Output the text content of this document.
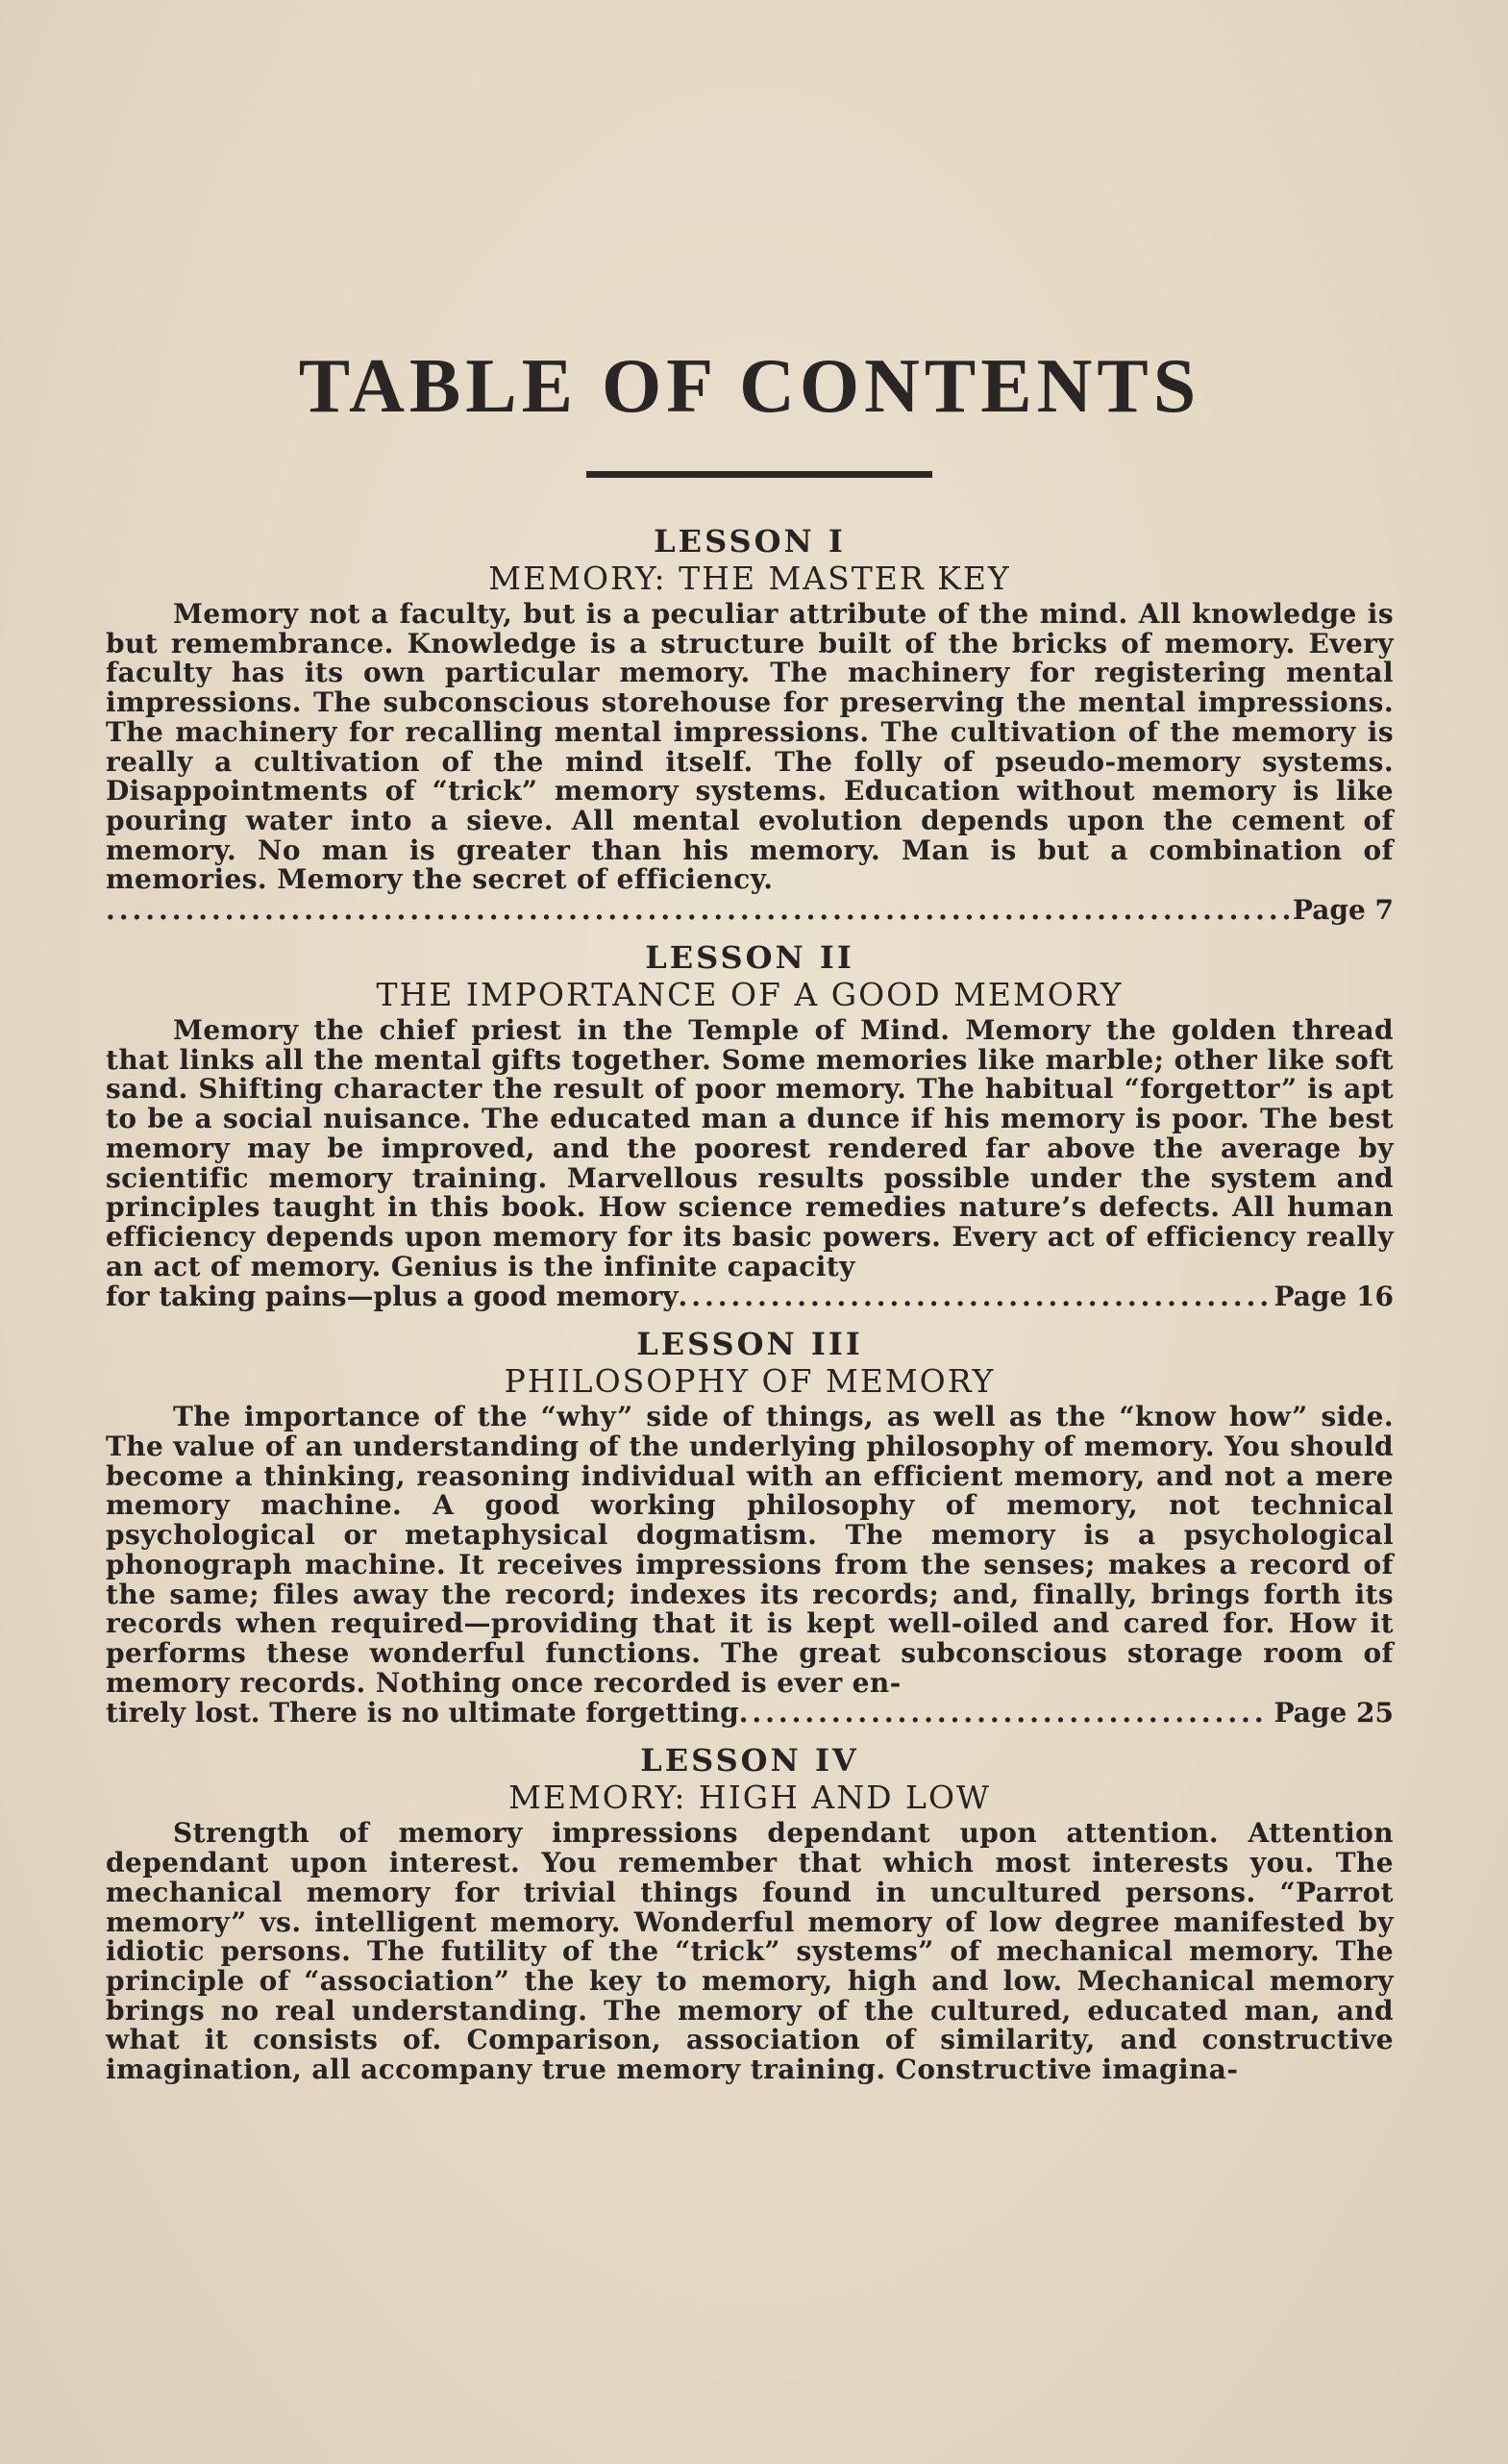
TABLE OF CONTENTS

LESSON I

MEMORY: THE MASTER KEY

Memory not a faculty, but is a peculiar attribute of the mind. All knowledge is but remembrance. Knowledge is a structure built of the bricks of memory. Every faculty has its own particular memory. The machinery for registering mental impressions. The subconscious storehouse for preserving the mental impressions. The machinery for recalling mental impressions. The cultivation of the memory is really a cultivation of the mind itself. The folly of pseudo-memory systems. Disappointments of “trick” memory systems. Education without memory is like pouring water into a sieve. All mental evolution depends upon the cement of memory. No man is greater than his memory. Man is but a combination of memories. Memory the secret of efficiency.

.....
Page 7

LESSON II

THE IMPORTANCE OF A GOOD MEMORY

Memory the chief priest in the Temple of Mind. Memory the golden thread that links all the mental gifts together. Some memories like marble; other like soft sand. Shifting character the result of poor memory. The habitual “forgettor” is apt to be a social nuisance. The educated man a dunce if his memory is poor. The best memory may be improved, and the poorest rendered far above the average by scientific memory training. Marvellous results possible under the system and principles taught in this book. How science remedies nature’s defects. All human efficiency depends upon memory for its basic powers. Every act of efficiency really an act of memory. Genius is the infinite capacity

for taking pains—plus a good memory .....	Page 16

LESSON III

PHILOSOPHY OF MEMORY

The importance of the “why” side of things, as well as the “know how” side. The value of an understanding of the underlying philosophy of memory. You should become a thinking, reasoning individual with an efficient memory, and not a mere memory machine. A good working philosophy of memory, not technical psychological or metaphysical dogmatism. The memory is a psychological phonograph machine. It receives impressions from the senses; makes a record of the same; files away the record; indexes its records; and, finally, brings forth its records when required—providing that it is kept well-oiled and cared for. How it performs these wonderful functions. The great subconscious storage room of memory records. Nothing once recorded is ever en-

tirely lost. There is no ultimate forgetting .....	Page 25

LESSON IV

MEMORY: HIGH AND LOW

Strength of memory impressions dependant upon attention. Attention dependant upon interest. You remember that which most interests you. The mechanical memory for trivial things found in uncultured persons. “Parrot memory” vs. intelligent memory. Wonderful memory of low degree manifested by idiotic persons. The futility of the “trick” systems” of mechanical memory. The principle of “association” the key to memory, high and low. Mechanical memory brings no real understanding. The memory of the cultured, educated man, and what it consists of. Comparison, association of similarity, and constructive imagination, all accompany true memory training. Constructive imagina-
